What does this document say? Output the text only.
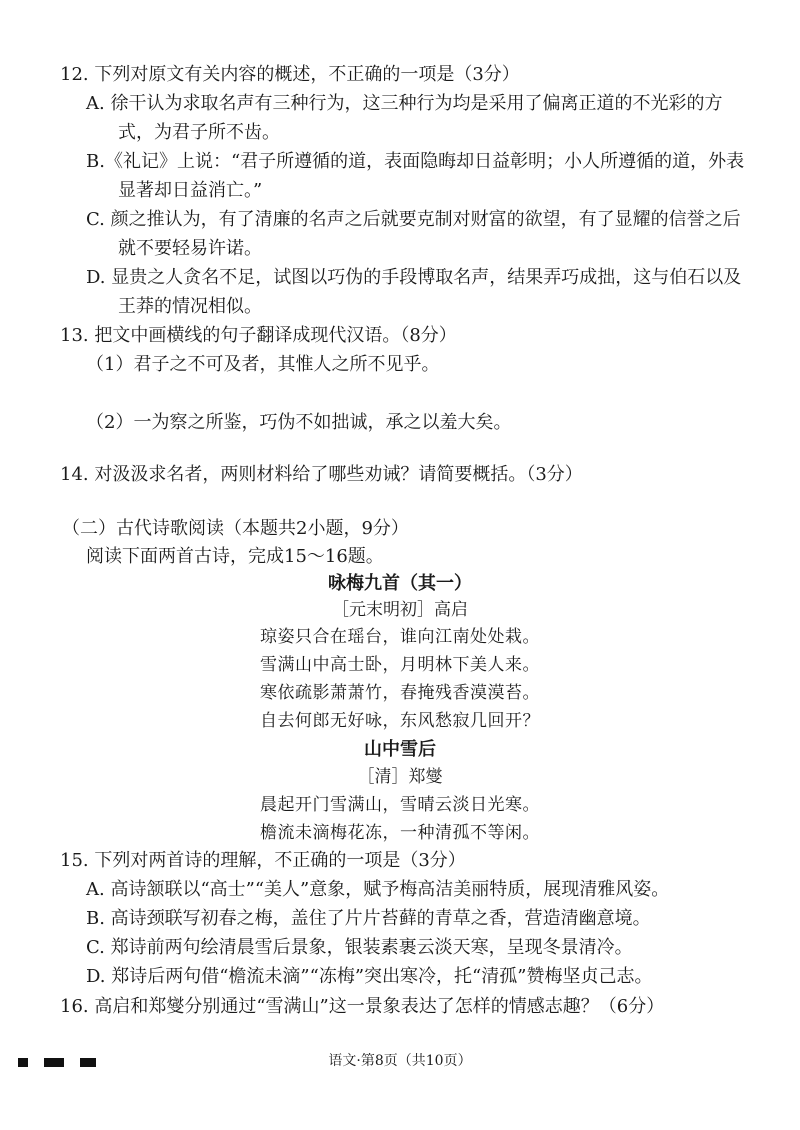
12. 下列对原文有关内容的概述，不正确的一项是（3分）
A. 徐干认为求取名声有三种行为，这三种行为均是采用了偏离正道的不光彩的方
式，为君子所不齿。
B.《礼记》上说：“君子所遵循的道，表面隐晦却日益彰明；小人所遵循的道，外表
显著却日益消亡。”
C. 颜之推认为，有了清廉的名声之后就要克制对财富的欲望，有了显耀的信誉之后
就不要轻易许诺。
D. 显贵之人贪名不足，试图以巧伪的手段博取名声，结果弄巧成拙，这与伯石以及
王莽的情况相似。
13. 把文中画横线的句子翻译成现代汉语。（8分）
（1）君子之不可及者，其惟人之所不见乎。
（2）一为察之所鉴，巧伪不如拙诚，承之以羞大矣。
14. 对汲汲求名者，两则材料给了哪些劝诫？请简要概括。（3分）
（二）古代诗歌阅读（本题共2小题，9分）
阅读下面两首古诗，完成15～16题。
咏梅九首（其一）
［元末明初］高启
琼姿只合在瑶台，谁向江南处处栽。
雪满山中高士卧，月明林下美人来。
寒依疏影萧萧竹，春掩残香漠漠苔。
自去何郎无好咏，东风愁寂几回开？
山中雪后
［清］郑燮
晨起开门雪满山，雪晴云淡日光寒。
檐流未滴梅花冻，一种清孤不等闲。
15. 下列对两首诗的理解，不正确的一项是（3分）
A. 高诗颔联以“高士”“美人”意象，赋予梅高洁美丽特质，展现清雅风姿。
B. 高诗颈联写初春之梅，盖住了片片苔藓的青草之香，营造清幽意境。
C. 郑诗前两句绘清晨雪后景象，银装素裹云淡天寒，呈现冬景清冷。
D. 郑诗后两句借“檐流未滴”“冻梅”突出寒冷，托“清孤”赞梅坚贞己志。
16. 高启和郑燮分别通过“雪满山”这一景象表达了怎样的情感志趣？（6分）
语文·第8页（共10页）
